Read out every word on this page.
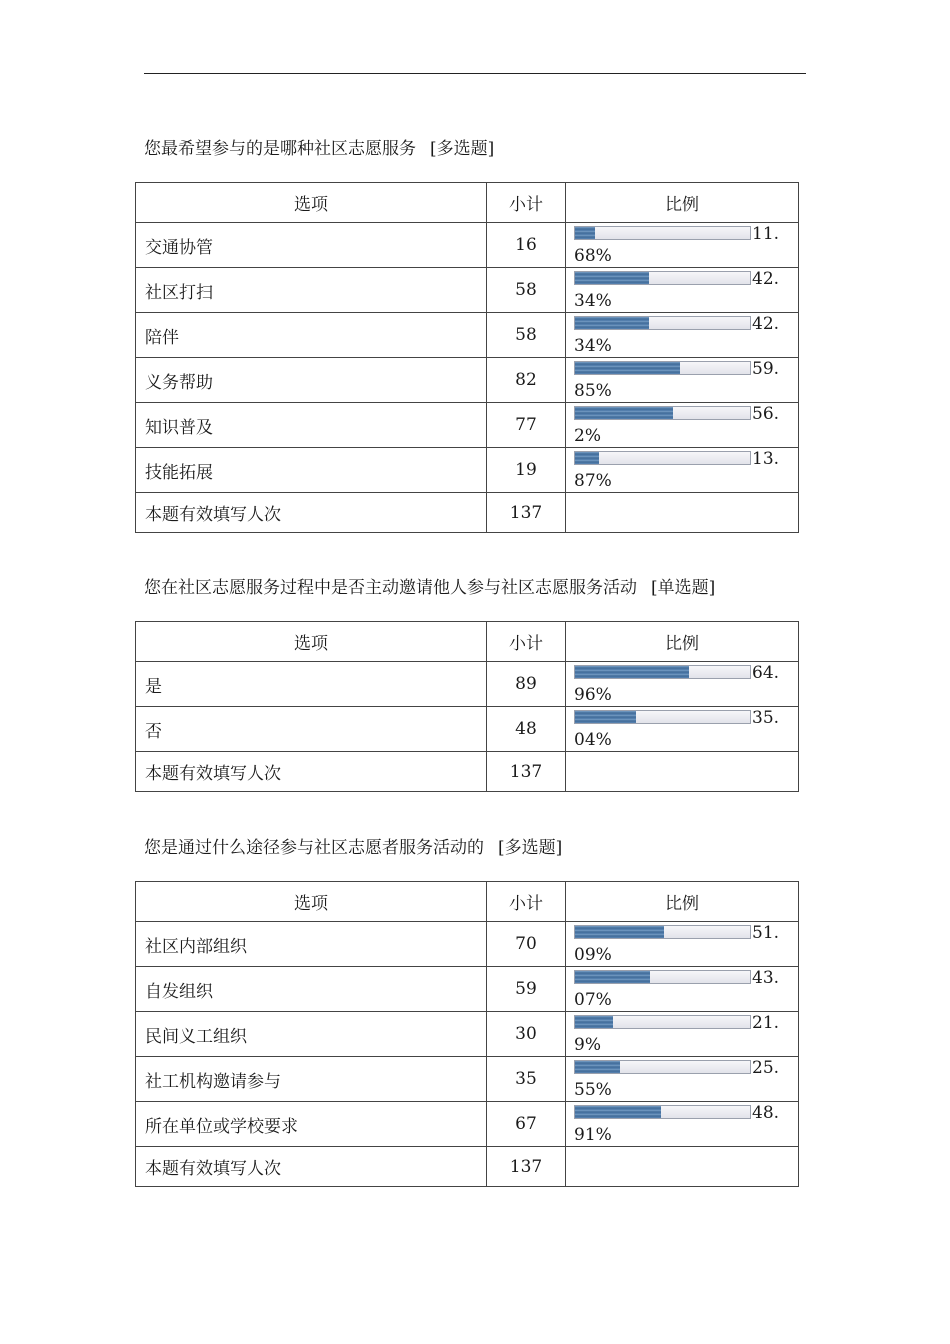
您最希望参与的是哪种社区志愿服务 [多选题]
选项	小计	比例
交通协管	16	11.68%

社区打扫	58	42.34%

陪伴	58	42.34%

义务帮助	82	59.85%

知识普及	77	56.2%

技能拓展	19	13.87%

本题有效填写人次	137	
您在社区志愿服务过程中是否主动邀请他人参与社区志愿服务活动 [单选题]
选项	小计	比例
是	89	64.96%

否	48	35.04%

本题有效填写人次	137	
您是通过什么途径参与社区志愿者服务活动的 [多选题]
选项	小计	比例
社区内部组织	70	51.09%

自发组织	59	43.07%

民间义工组织	30	21.9%

社工机构邀请参与	35	25.55%

所在单位或学校要求	67	48.91%

本题有效填写人次	137	
